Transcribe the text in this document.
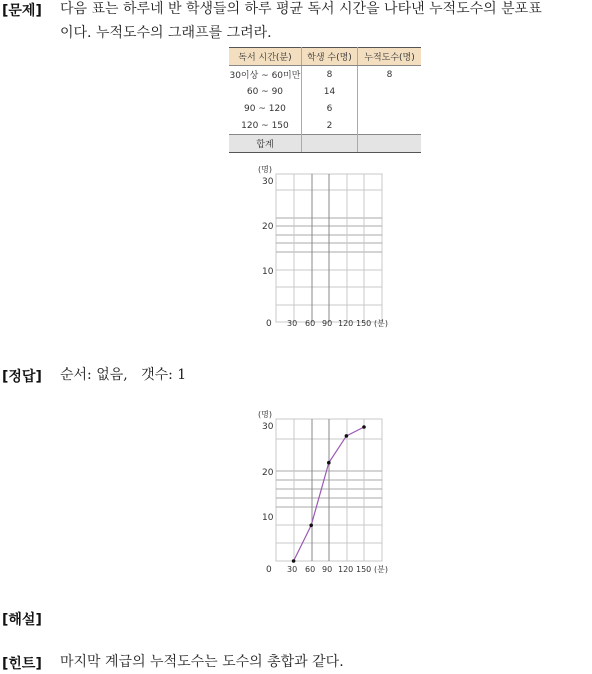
[문제] 다음 표는 하루네 반 학생들의 하루 평균 독서 시간을 나타낸 누적도수의 분포표
이다. 누적도수의 그래프를 그려라.
독서 시간(분)	학생 수(명)	누적도수(명)
30이상 ~ 60미만	8	8
60 ~ 90	14	
90 ~ 120	6	
120 ~ 150	2	
합계		
(명)
30
20
10
0 30 60 90 120 150 (분)
[정답] 순서: 없음,   갯수: 1
(명)
30
20
10
0 30 60 90 120 150 (분)
[해설]
[힌트] 마지막 계급의 누적도수는 도수의 총합과 같다.
